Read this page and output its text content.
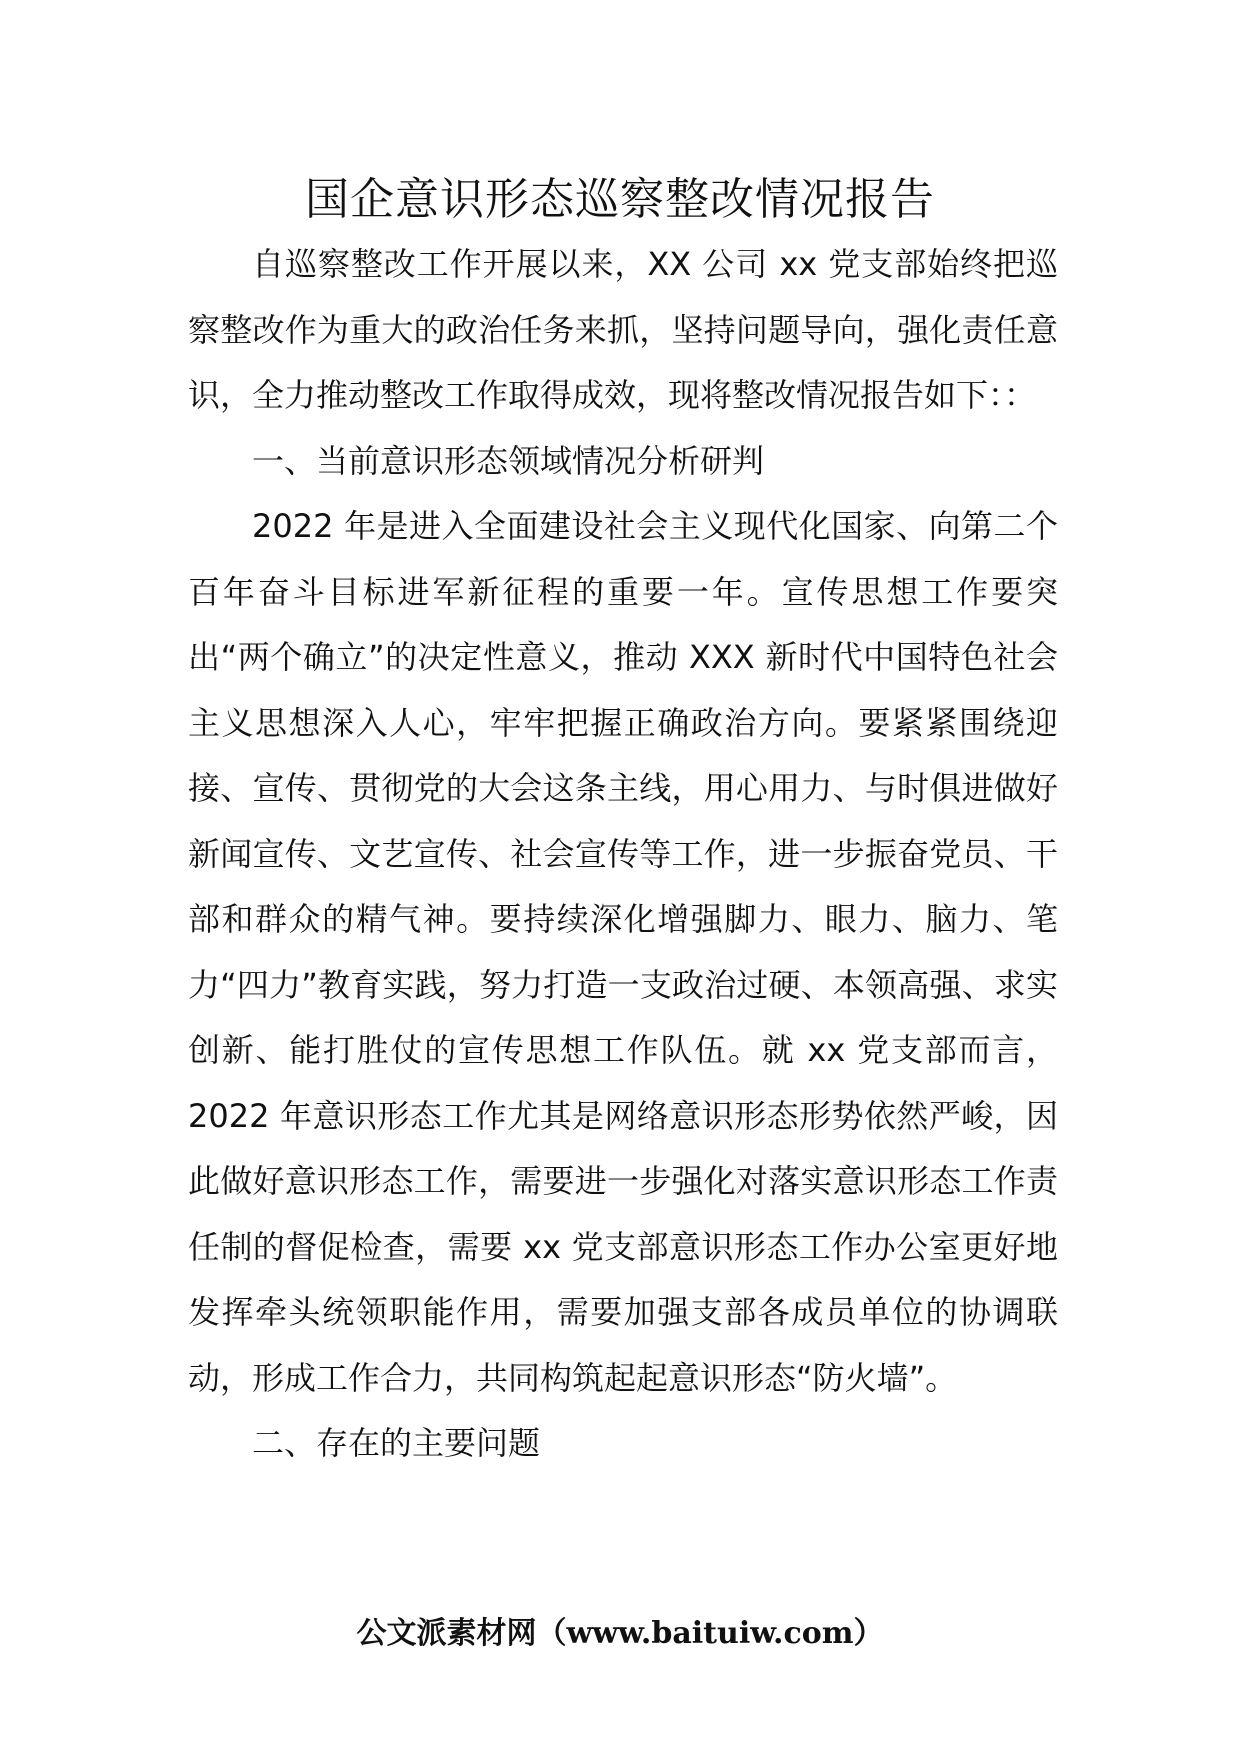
国企意识形态巡察整改情况报告

自巡察整改工作开展以来，XX 公司 xx 党支部始终把巡察整改作为重大的政治任务来抓，坚持问题导向，强化责任意识，全力推动整改工作取得成效，现将整改情况报告如下：：

一、当前意识形态领域情况分析研判

2022 年是进入全面建设社会主义现代化国家、向第二个百年奋斗目标进军新征程的重要一年。宣传思想工作要突出“两个确立”的决定性意义，推动 XXX 新时代中国特色社会主义思想深入人心，牢牢把握正确政治方向。要紧紧围绕迎接、宣传、贯彻党的大会这条主线，用心用力、与时俱进做好新闻宣传、文艺宣传、社会宣传等工作，进一步振奋党员、干部和群众的精气神。要持续深化增强脚力、眼力、脑力、笔力“四力”教育实践，努力打造一支政治过硬、本领高强、求实创新、能打胜仗的宣传思想工作队伍。就 xx 党支部而言，2022 年意识形态工作尤其是网络意识形态形势依然严峻，因此做好意识形态工作，需要进一步强化对落实意识形态工作责任制的督促检查，需要 xx 党支部意识形态工作办公室更好地发挥牵头统领职能作用，需要加强支部各成员单位的协调联动，形成工作合力，共同构筑起起意识形态“防火墙”。

二、存在的主要问题

公文派素材网（www.baituiw.com）
